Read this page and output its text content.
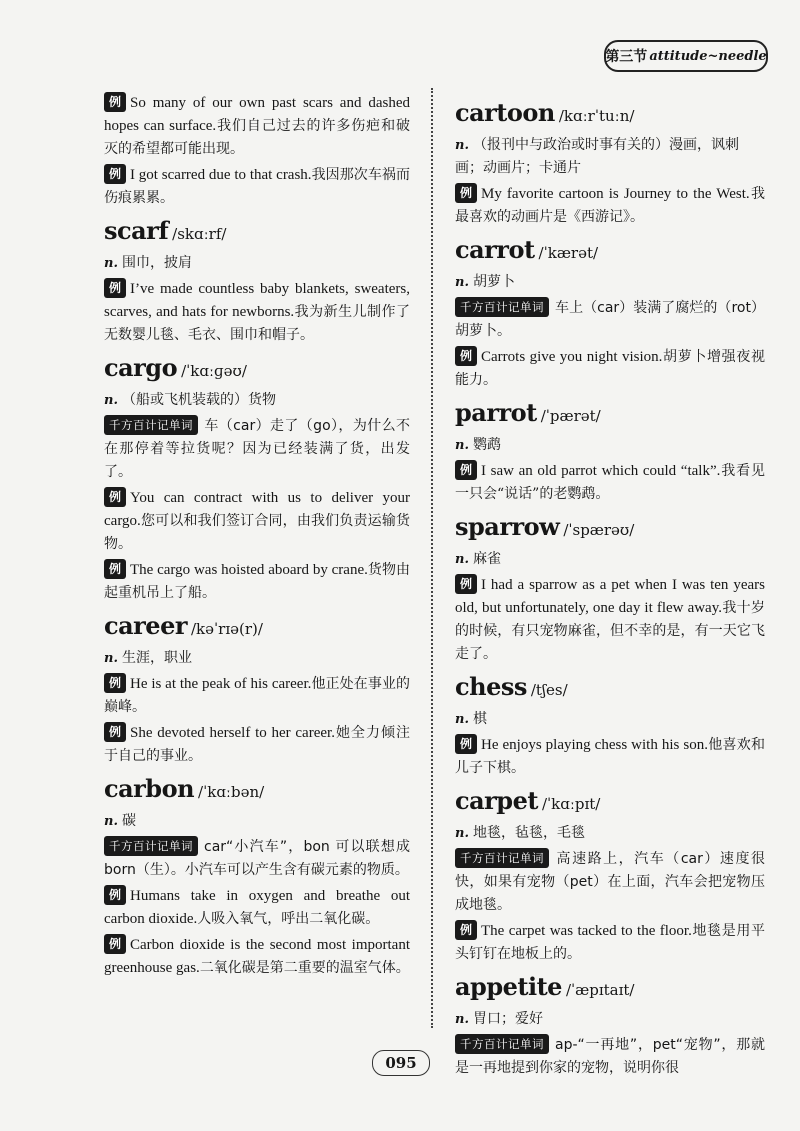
第三节 attitude~needle

例 So many of our own past scars and dashed hopes can surface.我们自己过去的许多伤疤和破灭的希望都可能出现。

例 I got scarred due to that crash.我因那次车祸而伤痕累累。

scarf /skɑːrf/

n. 围巾，披肩

例 I’ve made countless baby blankets, sweaters, scarves, and hats for newborns.我为新生儿制作了无数婴儿毯、毛衣、围巾和帽子。

cargo /ˈkɑːɡəʊ/

n. （船或飞机装载的）货物

千方百计记单词 车（car）走了（go），为什么不在那停着等拉货呢？因为已经装满了货，出发了。

例 You can contract with us to deliver your cargo.您可以和我们签订合同，由我们负责运输货物。

例 The cargo was hoisted aboard by crane.货物由起重机吊上了船。

career /kəˈrɪə(r)/

n. 生涯，职业

例 He is at the peak of his career.他正处在事业的巅峰。

例 She devoted herself to her career.她全力倾注于自己的事业。

carbon /ˈkɑːbən/

n. 碳

千方百计记单词 car“小汽车”，bon 可以联想成 born（生）。小汽车可以产生含有碳元素的物质。

例 Humans take in oxygen and breathe out carbon dioxide.人吸入氧气，呼出二氧化碳。

例 Carbon dioxide is the second most important greenhouse gas.二氧化碳是第二重要的温室气体。

cartoon /kɑːrˈtuːn/

n. （报刊中与政治或时事有关的）漫画，讽刺画；动画片；卡通片

例 My favorite cartoon is Journey to the West.我最喜欢的动画片是《西游记》。

carrot /ˈkærət/

n. 胡萝卜

千方百计记单词 车上（car）装满了腐烂的（rot）胡萝卜。

例 Carrots give you night vision.胡萝卜增强夜视能力。

parrot /ˈpærət/

n. 鹦鹉

例 I saw an old parrot which could “talk”.我看见一只会“说话”的老鹦鹉。

sparrow /ˈspærəʊ/

n. 麻雀

例 I had a sparrow as a pet when I was ten years old, but unfortunately, one day it flew away.我十岁的时候，有只宠物麻雀，但不幸的是，有一天它飞走了。

chess /tʃes/

n. 棋

例 He enjoys playing chess with his son.他喜欢和儿子下棋。

carpet /ˈkɑːpɪt/

n. 地毯，毡毯，毛毯

千方百计记单词 高速路上，汽车（car）速度很快，如果有宠物（pet）在上面，汽车会把宠物压成地毯。

例 The carpet was tacked to the floor.地毯是用平头钉钉在地板上的。

appetite /ˈæpɪtaɪt/

n. 胃口；爱好

千方百计记单词 ap-“一再地”，pet“宠物”，那就是一再地提到你家的宠物，说明你很

095
